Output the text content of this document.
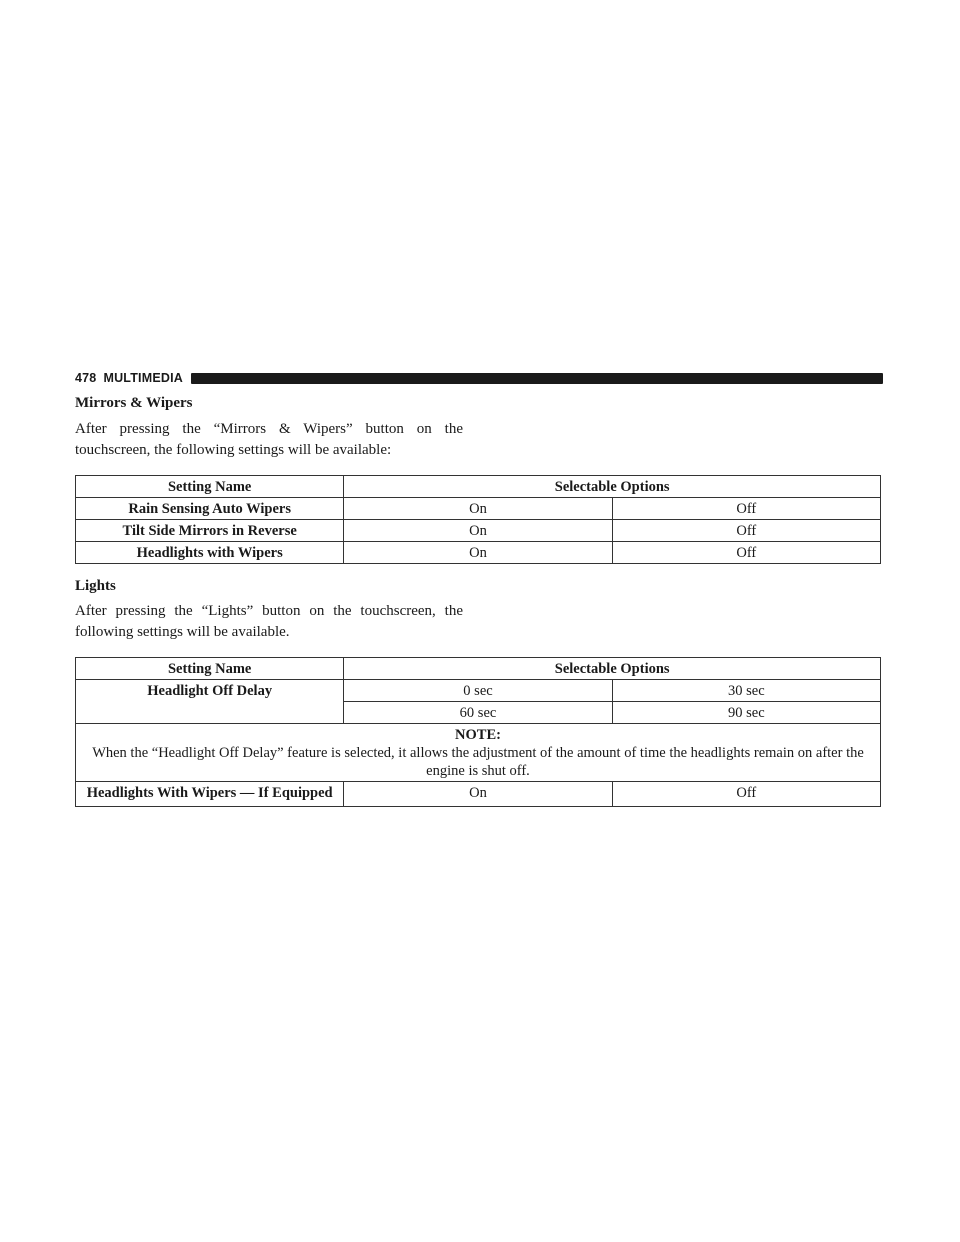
478 MULTIMEDIA
Mirrors & Wipers
After pressing the “Mirrors & Wipers” button on the touchscreen, the following settings will be available:
Setting Name	Selectable Options	
Rain Sensing Auto Wipers	On	Off
Tilt Side Mirrors in Reverse	On	Off
Headlights with Wipers	On	Off
Lights
After pressing the “Lights” button on the touchscreen, the following settings will be available.
Setting Name	Selectable Options	
Headlight Off Delay	0 sec	30 sec
	60 sec	90 sec

NOTE:
When the “Headlight Off Delay” feature is selected, it allows the adjustment of the amount of time the headlights remain on after the engine is shut off.		
Headlights With Wipers — If Equipped	On	Off
